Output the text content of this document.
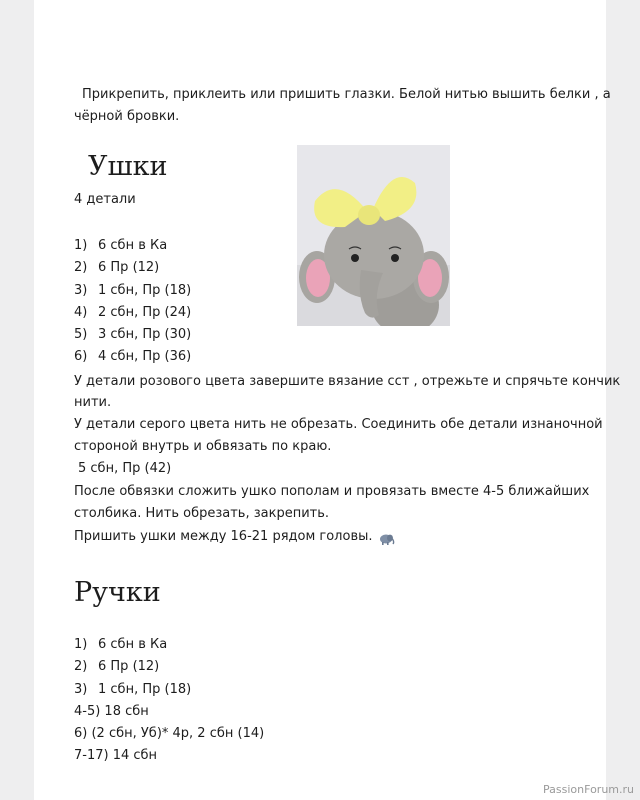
Прикрепить, приклеить или пришить глазки. Белой нитью вышить белки , а
чёрной бровки.
Ушки
4 детали
1) 6 сбн в Ка
2) 6 Пр (12)
3) 1 сбн, Пр (18)
4) 2 сбн, Пр (24)
5) 3 сбн, Пр (30)
6) 4 сбн, Пр (36)
У детали розового цвета завершите вязание сст , отрежьте и спрячьте кончик
нити.
У детали серого цвета нить не обрезать. Соединить обе детали изнаночной
стороной внутрь и обвязать по краю.
5 сбн, Пр (42)
После обвязки сложить ушко пополам и провязать вместе 4-5 ближайших
столбика. Нить обрезать, закрепить.
Пришить ушки между 16-21 рядом головы.
Ручки
1) 6 сбн в Ка
2) 6 Пр (12)
3) 1 сбн, Пр (18)
4-5) 18 сбн
6) (2 сбн, Уб)* 4р, 2 сбн (14)
7-17) 14 сбн
PassionForum.ru
